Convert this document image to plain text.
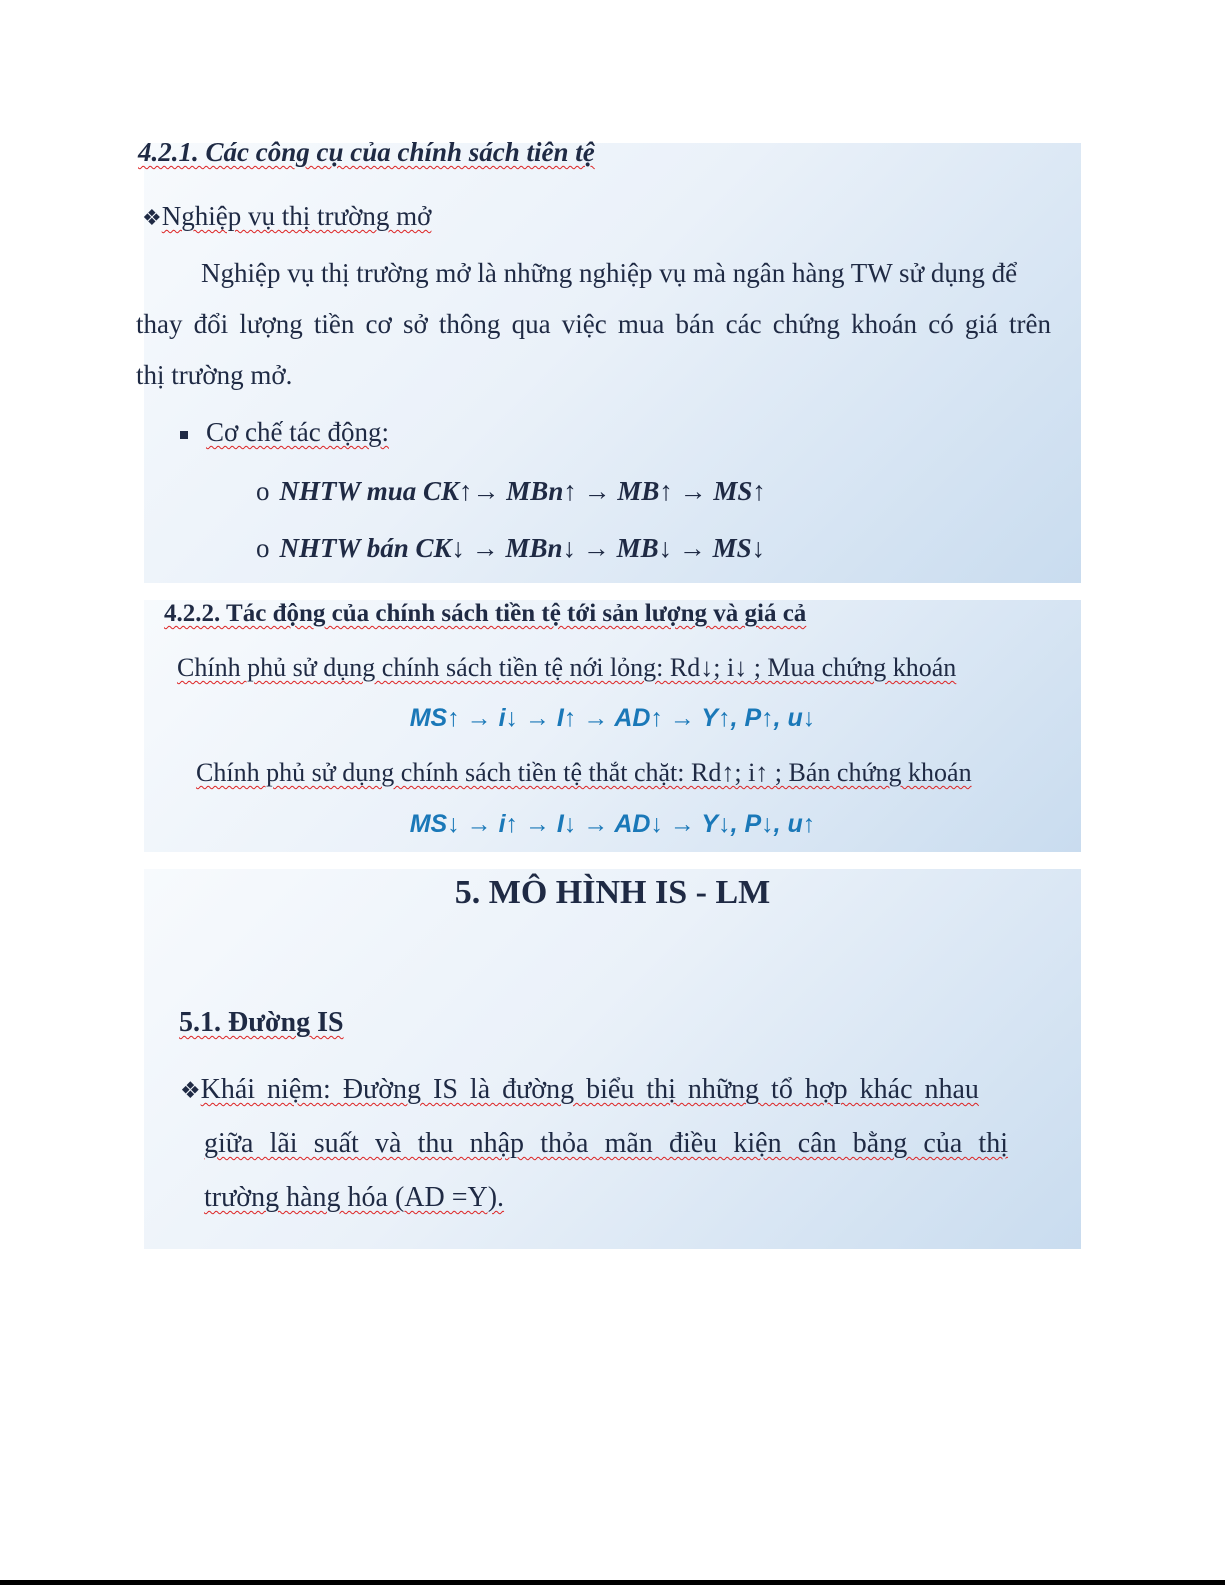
4.2.1. Các công cụ của chính sách tiên tệ
❖Nghiệp vụ thị trường mở
Nghiệp vụ thị trường mở là những nghiệp vụ mà ngân hàng TW sử dụng để
thay đổi lượng tiền cơ sở thông qua việc mua bán các chứng khoán có giá trên
thị trường mở.
Cơ chế tác động:
o NHTW mua CK↑→ MBn↑ → MB↑ → MS↑
o NHTW bán CK↓ → MBn↓ → MB↓ → MS↓
4.2.2. Tác động của chính sách tiền tệ tới sản lượng và giá cả
Chính phủ sử dụng chính sách tiền tệ nới lỏng: Rd↓; i↓ ; Mua chứng khoán
MS↑ → i↓ → I↑ → AD↑ → Y↑, P↑, u↓
Chính phủ sử dụng chính sách tiền tệ thắt chặt: Rd↑; i↑ ; Bán chứng khoán
MS↓ → i↑ → I↓ → AD↓ → Y↓, P↓, u↑
5. MÔ HÌNH IS - LM
5.1. Đường IS
❖Khái niệm: Đường IS là đường biểu thị những tổ hợp khác nhau
giữa lãi suất và thu nhập thỏa mãn điều kiện cân bằng của thị
trường hàng hóa (AD =Y).
